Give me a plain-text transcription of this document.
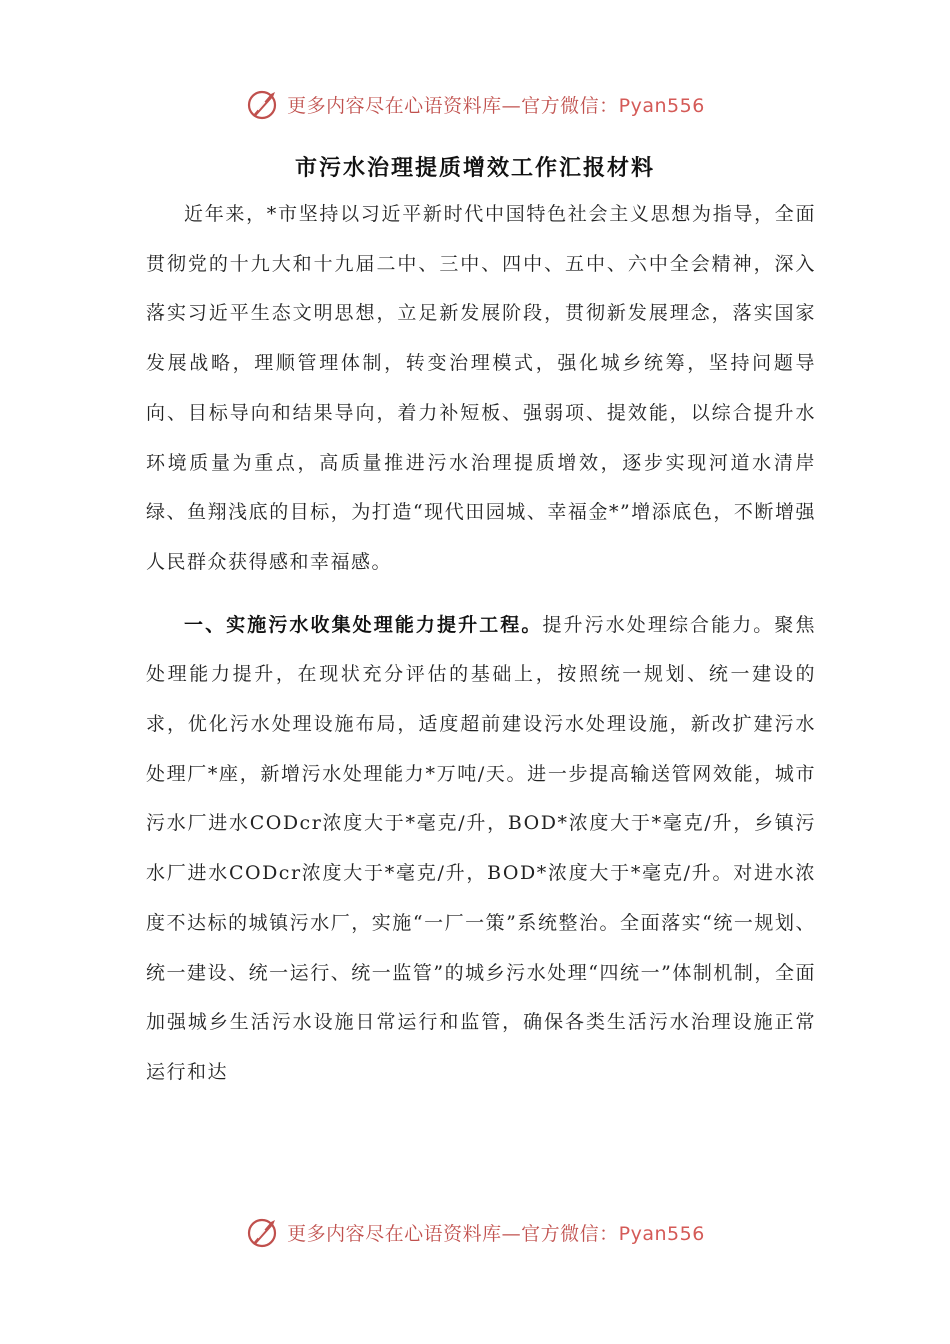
更多内容尽在心语资料库—官方微信：Pyan556
市污水治理提质增效工作汇报材料

近年来，*市坚持以习近平新时代中国特色社会主义思想为指导，全面贯彻党的十九大和十九届二中、三中、四中、五中、六中全会精神，深入落实习近平生态文明思想，立足新发展阶段，贯彻新发展理念，落实国家发展战略，理顺管理体制，转变治理模式，强化城乡统筹，坚持问题导向、目标导向和结果导向，着力补短板、强弱项、提效能，以综合提升水环境质量为重点，高质量推进污水治理提质增效，逐步实现河道水清岸绿、鱼翔浅底的目标，为打造“现代田园城、幸福金*”增添底色，不断增强人民群众获得感和幸福感。

一、实施污水收集处理能力提升工程。提升污水处理综合能力。聚焦处理能力提升，在现状充分评估的基础上，按照统一规划、统一建设的求，优化污水处理设施布局，适度超前建设污水处理设施，新改扩建污水处理厂*座，新增污水处理能力*万吨/天。进一步提高输送管网效能，城市污水厂进水CODcr浓度大于*毫克/升，BOD*浓度大于*毫克/升，乡镇污水厂进水CODcr浓度大于*毫克/升，BOD*浓度大于*毫克/升。对进水浓度不达标的城镇污水厂，实施“一厂一策”系统整治。全面落实“统一规划、统一建设、统一运行、统一监管”的城乡污水处理“四统一”体制机制，全面加强城乡生活污水设施日常运行和监管，确保各类生活污水治理设施正常运行和达

更多内容尽在心语资料库—官方微信：Pyan556
